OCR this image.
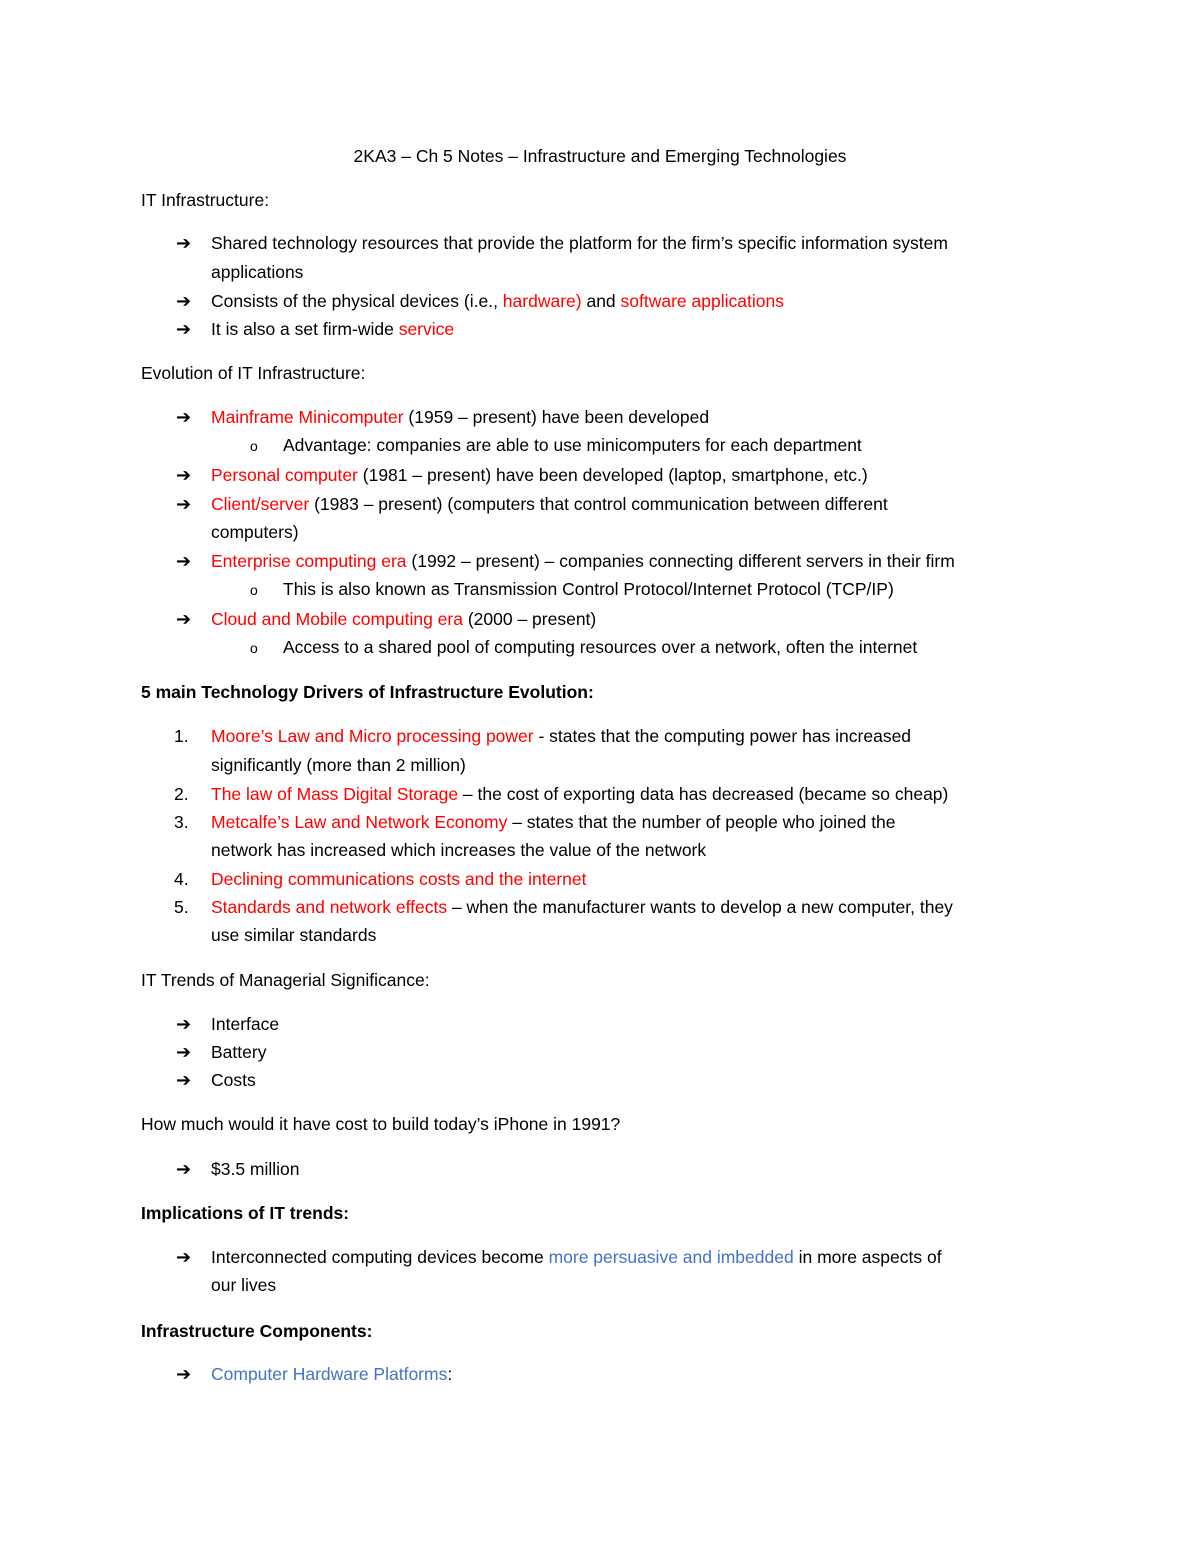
2KA3 – Ch 5 Notes – Infrastructure and Emerging Technologies
IT Infrastructure:
➔ Shared technology resources that provide the platform for the firm’s specific information system
applications
➔ Consists of the physical devices (i.e., hardware) and software applications
➔ It is also a set firm-wide service
Evolution of IT Infrastructure:
➔ Mainframe Minicomputer (1959 – present) have been developed
o Advantage: companies are able to use minicomputers for each department
➔ Personal computer (1981 – present) have been developed (laptop, smartphone, etc.)
➔ Client/server (1983 – present) (computers that control communication between different
computers)
➔ Enterprise computing era (1992 – present) – companies connecting different servers in their firm
o This is also known as Transmission Control Protocol/Internet Protocol (TCP/IP)
➔ Cloud and Mobile computing era (2000 – present)
o Access to a shared pool of computing resources over a network, often the internet
5 main Technology Drivers of Infrastructure Evolution:
1. Moore’s Law and Micro processing power - states that the computing power has increased
significantly (more than 2 million)
2. The law of Mass Digital Storage – the cost of exporting data has decreased (became so cheap)
3. Metcalfe’s Law and Network Economy – states that the number of people who joined the
network has increased which increases the value of the network
4. Declining communications costs and the internet
5. Standards and network effects – when the manufacturer wants to develop a new computer, they
use similar standards
IT Trends of Managerial Significance:
➔ Interface
➔ Battery
➔ Costs
How much would it have cost to build today’s iPhone in 1991?
➔ $3.5 million
Implications of IT trends:
➔ Interconnected computing devices become more persuasive and imbedded in more aspects of
our lives
Infrastructure Components:
➔ Computer Hardware Platforms:
